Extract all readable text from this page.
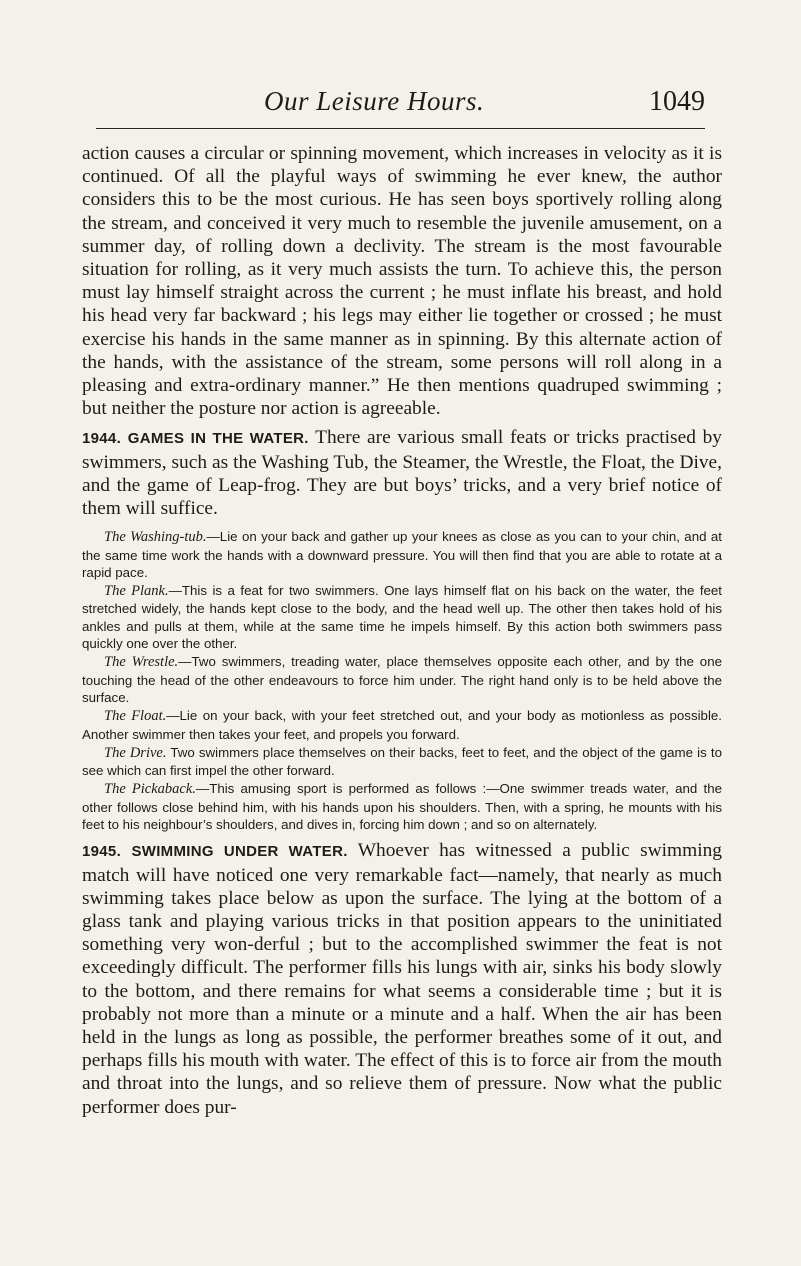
Our Leisure Hours.	1049

action causes a circular or spinning movement, which increases in velocity as it is continued. Of all the playful ways of swimming he ever knew, the author considers this to be the most curious. He has seen boys sportively rolling along the stream, and conceived it very much to resemble the juvenile amusement, on a summer day, of rolling down a declivity. The stream is the most favourable situation for rolling, as it very much assists the turn. To achieve this, the person must lay himself straight across the current ; he must inflate his breast, and hold his head very far backward ; his legs may either lie together or crossed ; he must exercise his hands in the same manner as in spinning. By this alternate action of the hands, with the assistance of the stream, some persons will roll along in a pleasing and extra-ordinary manner.” He then mentions quadruped swimming ; but neither the posture nor action is agreeable.

1944. GAMES IN THE WATER. There are various small feats or tricks practised by swimmers, such as the Washing Tub, the Steamer, the Wrestle, the Float, the Dive, and the game of Leap-frog. They are but boys’ tricks, and a very brief notice of them will suffice.

The Washing-tub.—Lie on your back and gather up your knees as close as you can to your chin, and at the same time work the hands with a downward pressure. You will then find that you are able to rotate at a rapid pace.

The Plank.—This is a feat for two swimmers. One lays himself flat on his back on the water, the feet stretched widely, the hands kept close to the body, and the head well up. The other then takes hold of his ankles and pulls at them, while at the same time he impels himself. By this action both swimmers pass quickly one over the other.

The Wrestle.—Two swimmers, treading water, place themselves opposite each other, and by the one touching the head of the other endeavours to force him under. The right hand only is to be held above the surface.

The Float.—Lie on your back, with your feet stretched out, and your body as motionless as possible. Another swimmer then takes your feet, and propels you forward.

The Drive. Two swimmers place themselves on their backs, feet to feet, and the object of the game is to see which can first impel the other forward.

The Pickaback.—This amusing sport is performed as follows :—One swimmer treads water, and the other follows close behind him, with his hands upon his shoulders. Then, with a spring, he mounts with his feet to his neighbour’s shoulders, and dives in, forcing him down ; and so on alternately.

1945. SWIMMING UNDER WATER. Whoever has witnessed a public swimming match will have noticed one very remarkable fact—namely, that nearly as much swimming takes place below as upon the surface. The lying at the bottom of a glass tank and playing various tricks in that position appears to the uninitiated something very won-derful ; but to the accomplished swimmer the feat is not exceedingly difficult. The performer fills his lungs with air, sinks his body slowly to the bottom, and there remains for what seems a considerable time ; but it is probably not more than a minute or a minute and a half. When the air has been held in the lungs as long as possible, the performer breathes some of it out, and perhaps fills his mouth with water. The effect of this is to force air from the mouth and throat into the lungs, and so relieve them of pressure. Now what the public performer does pur-
